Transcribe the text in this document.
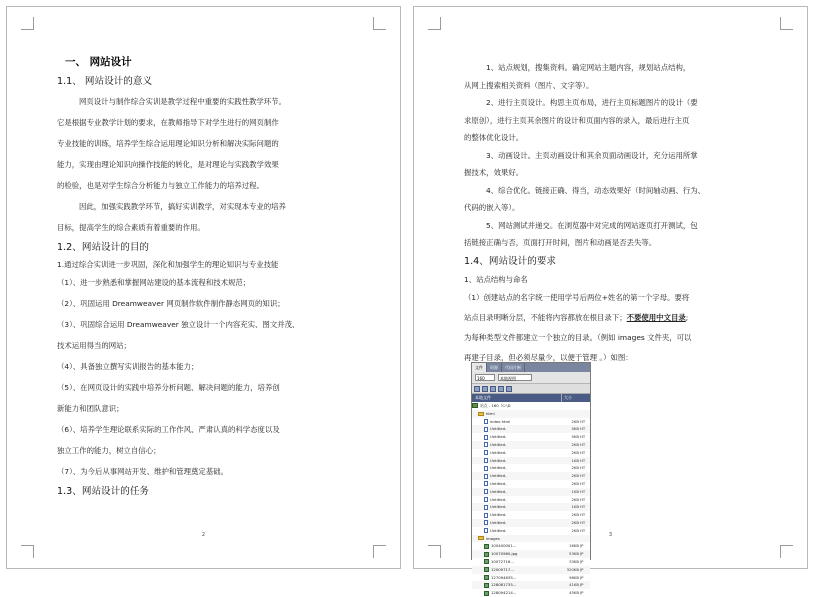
一、 网站设计
1.1、 网站设计的意义
网页设计与制作综合实训是教学过程中重要的实践性教学环节。
它是根据专业教学计划的要求，在教师指导下对学生进行的网页制作
专业技能的训练，培养学生综合运用理论知识分析和解决实际问题的
能力，实现由理论知识向操作技能的转化，是对理论与实践教学效果
的检验，也是对学生综合分析能力与独立工作能力的培养过程。
因此，加强实践教学环节，搞好实训教学，对实现本专业的培养
目标，提高学生的综合素质有着重要的作用。
1.2、网站设计的目的
1.通过综合实训进一步巩固，深化和加强学生的理论知识与专业技能
（1）、进一步熟悉和掌握网站建设的基本流程和技术规范；
（2）、巩固运用 Dreamweaver 网页制作软件制作静态网页的知识；
（3）、巩固综合运用 Dreamweaver 独立设计一个内容充实、图文并茂、
技术运用得当的网站；
（4）、具备独立撰写实训报告的基本能力；
（5）、在网页设计的实践中培养分析问题、解决问题的能力，培养创
新能力和团队意识；
（6）、培养学生理论联系实际的工作作风、严肃认真的科学态度以及
独立工作的能力，树立自信心；
（7）、为今后从事网站开发、维护和管理奠定基础。
1.3、网站设计的任务
2
1、站点规划，搜集资料。确定网站主题内容，规划站点结构，
从网上搜索相关资料（图片、文字等）。
2、进行主页设计。构思主页布局，进行主页标题图片的设计（要
求原创），进行主页其余图片的设计和页面内容的录入，最后进行主页
的整体优化设计。
3、动画设计。主页动画设计和其余页面动画设计，充分运用所掌
握技术，效果好。
4、综合优化。链接正确、得当，动态效果好（时间轴动画、行为、
代码的嵌入等）。
5、网站测试并递交。在浏览器中对完成的网站逐页打开测试，包
括链接正确与否，页面打开时间，图片和动画是否丢失等。
1.4、网站设计的要求
1、站点结构与命名
（1）创建站点的名字统一使用学号后两位+姓名的第一个字母。要将
站点目录明晰分层，不能将内容都放在根目录下；不要使用中文目录;
为每种类型文件都建立一个独立的目录。（例如 images 文件夹，可以
再建子目录，但必须尽量少，以便于管理 。）如图：
文件	资源	代码片断
160	本地视图
本地文件	大小
站点 - 160（C:\D
html
index.html	2KB HT
Untitled-	5KB HT
Untitled-	5KB HT
Untitled-	2KB HT
Untitled-	2KB HT
Untitled-	1KB HT
Untitled-	2KB HT
Untitled-	2KB HT
Untitled-	2KB HT
Untitled-	1KB HT
Untitled-	2KB HT
Untitled-	1KB HT
Untitled-	2KB HT
Untitled-	2KB HT
Untitled-	2KB HT
images
100400001...	16KB JP
10070960.jpg	53KB JP
10072716...	33KB JP
12009717...	320KB JP
127094635...	98KB JP
128081735...	41KB JP
128094214...	45KB JP
3
